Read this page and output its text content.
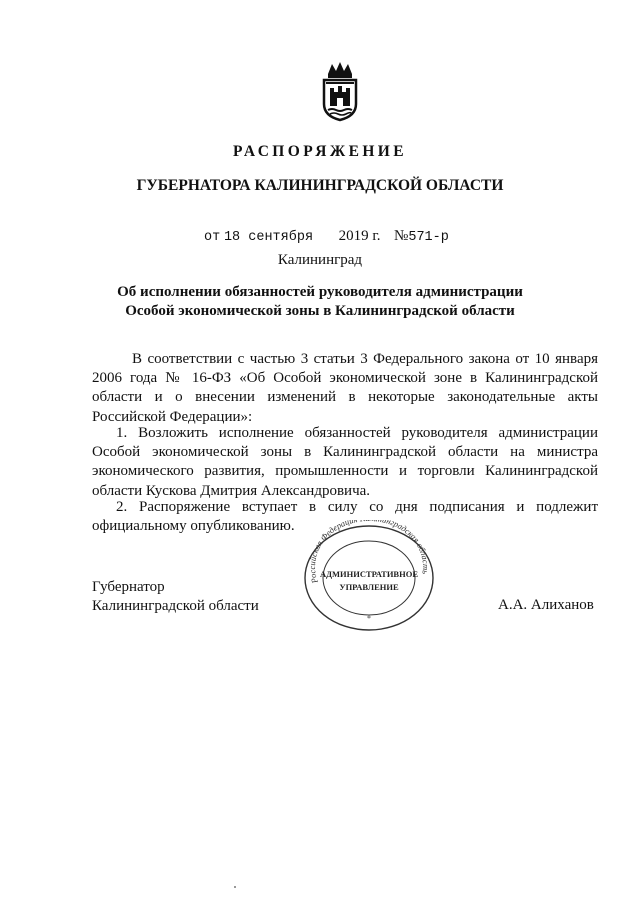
РАСПОРЯЖЕНИЕ
ГУБЕРНАТОРА КАЛИНИНГРАДСКОЙ ОБЛАСТИ
от 18 сентября 2019 г. №571-р
Калининград
Об исполнении обязанностей руководителя администрации
Особой экономической зоны в Калининградской области
В соответствии с частью 3 статьи 3 Федерального закона от 10 января 2006 года № 16-ФЗ «Об Особой экономической зоне в Калининградской области и о внесении изменений в некоторые законодательные акты Российской Федерации»:
1. Возложить исполнение обязанностей руководителя администрации Особой экономической зоны в Калининградской области на министра экономического развития, промышленности и торговли Калининградской области Кускова Дмитрия Александровича.
2. Распоряжение вступает в силу со дня подписания и подлежит официальному опубликованию.
Российская Федераци нградская область
АДМИНИСТРАТИВНОЕ
УПРАВЛЕНИЕ
*
Губернатор
Калининградской области	А.А. Алиханов
